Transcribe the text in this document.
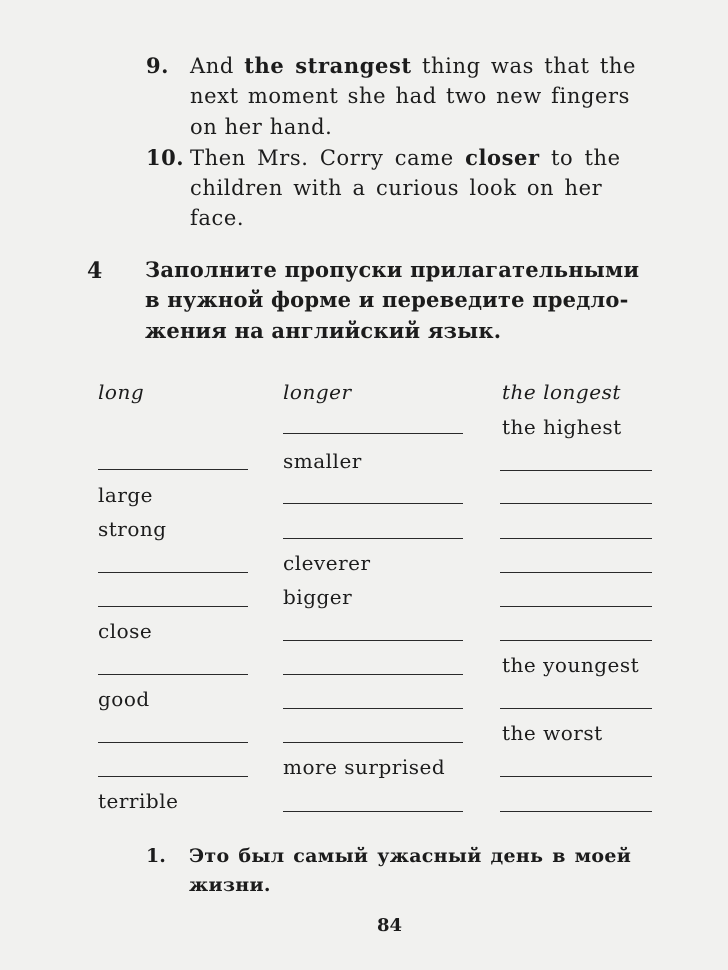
9. And the strangest thing was that the
next moment she had two new fingers
on her hand.
10. Then Mrs. Corry came closer to the
children with a curious look on her
face.
4 Заполните пропуски прилагательными
в нужной форме и переведите предло-
жения на английский язык.
long	longer	the longest
the highest
smaller
large
strong
cleverer
bigger
close
the youngest
good
the worst
more surprised
terrible
1. Это был самый ужасный день в моей
жизни.
84
